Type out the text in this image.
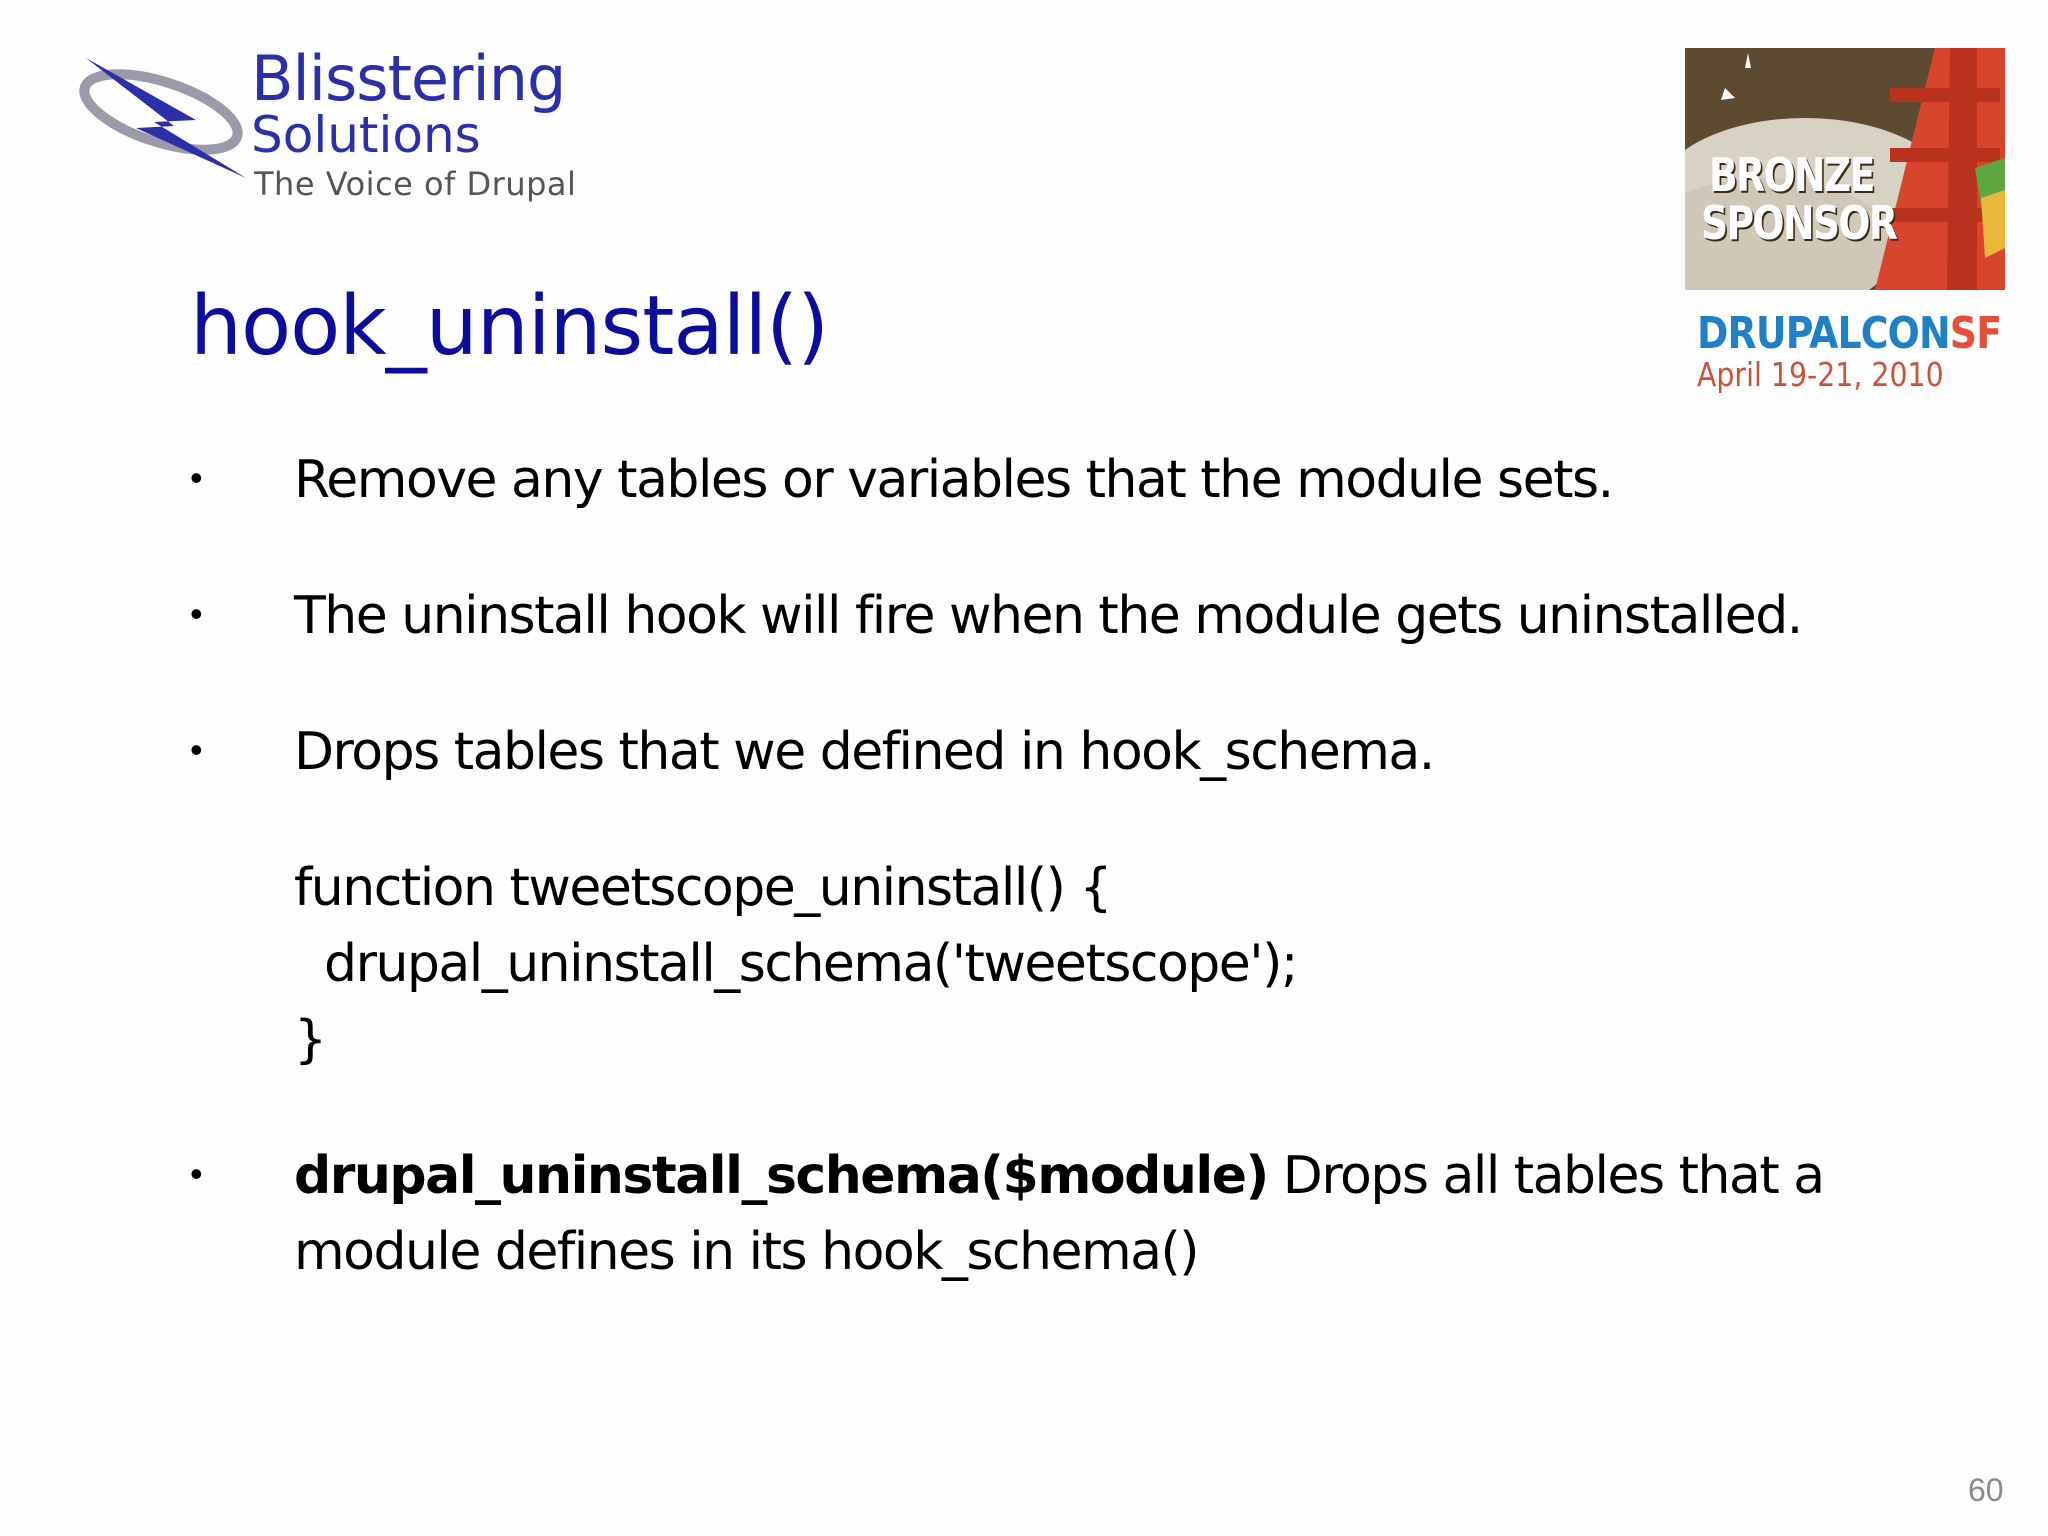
Blisstering
Solutions
The Voice of Drupal	BRONZE
SPONSOR
DRUPALCONSF
April 19-21, 2010
hook_uninstall()
• Remove any tables or variables that the module sets.
• The uninstall hook will fire when the module gets uninstalled.
• Drops tables that we defined in hook_schema.
function tweetscope_uninstall() {
drupal_uninstall_schema('tweetscope');
}
• drupal_uninstall_schema($module) Drops all tables that a
module defines in its hook_schema()
60
